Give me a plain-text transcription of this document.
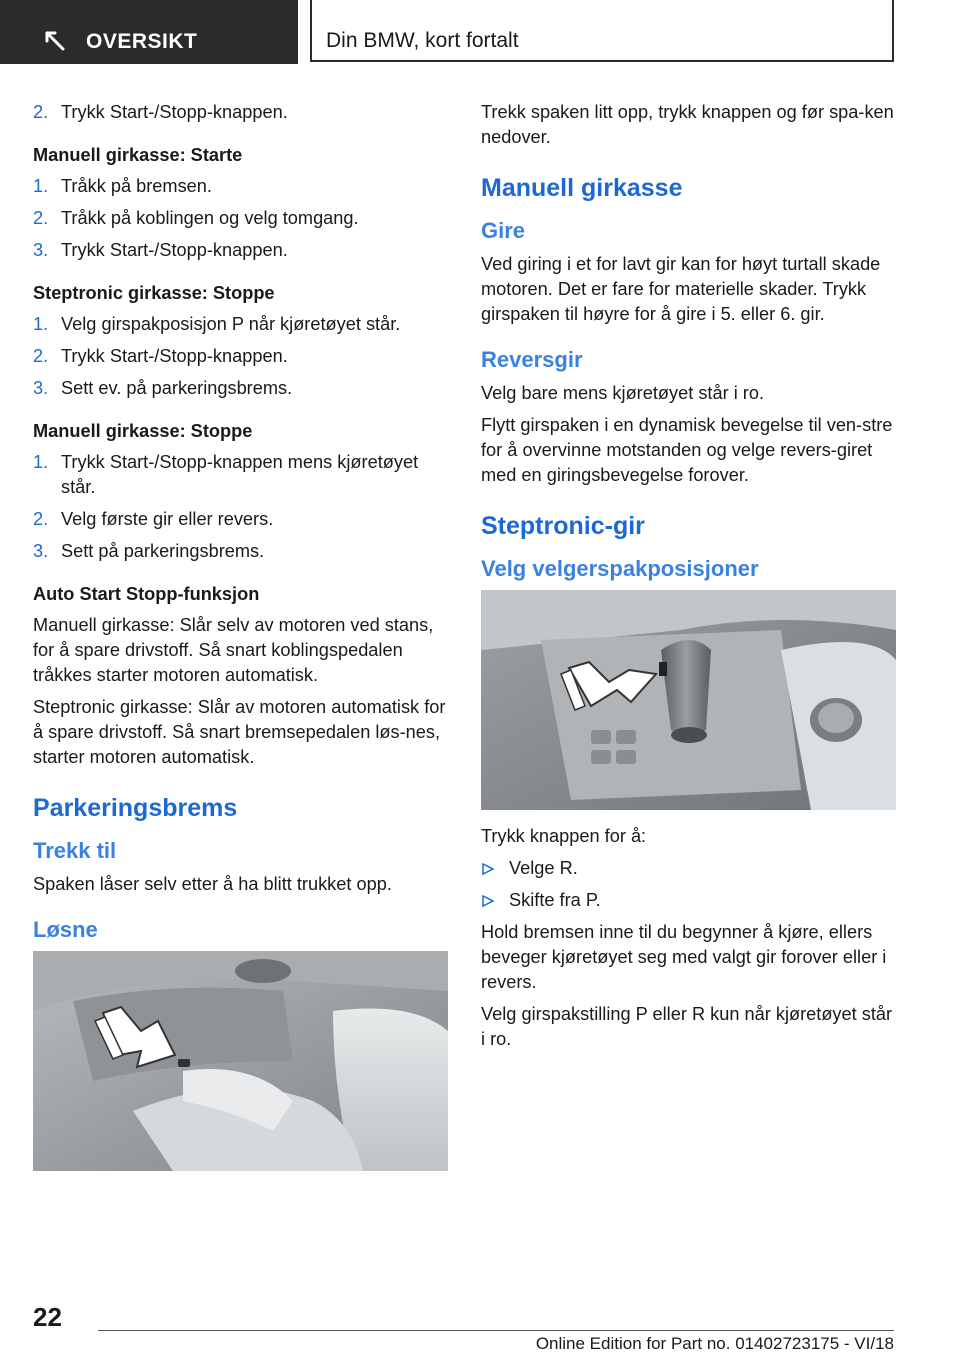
OVERSIKT	Din BMW, kort fortalt
2. Trykk Start-/Stopp-knappen.
Manuell girkasse: Starte
1. Tråkk på bremsen.
2. Tråkk på koblingen og velg tomgang.
3. Trykk Start-/Stopp-knappen.
Steptronic girkasse: Stoppe
1. Velg girspakposisjon P når kjøretøyet står.
2. Trykk Start-/Stopp-knappen.
3. Sett ev. på parkeringsbrems.
Manuell girkasse: Stoppe
1. Trykk Start-/Stopp-knappen mens kjøretøyet står.
2. Velg første gir eller revers.
3. Sett på parkeringsbrems.
Auto Start Stopp-funksjon

Manuell girkasse: Slår selv av motoren ved stans, for å spare drivstoff. Så snart koblingspedalen tråkkes starter motoren automatisk.

Steptronic girkasse: Slår av motoren automatisk for å spare drivstoff. Så snart bremsepedalen løs-nes, starter motoren automatisk.

Parkeringsbrems
Trekk til

Spaken låser selv etter å ha blitt trukket opp.

Løsne

Trekk spaken litt opp, trykk knappen og før spa-ken nedover.

Manuell girkasse
Gire

Ved giring i et for lavt gir kan for høyt turtall skade motoren. Det er fare for materielle skader. Trykk girspaken til høyre for å gire i 5. eller 6. gir.

Reversgir

Velg bare mens kjøretøyet står i ro.

Flytt girspaken i en dynamisk bevegelse til ven-stre for å overvinne motstanden og velge revers-giret med en giringsbevegelse forover.

Steptronic-gir
Velg velgerspakposisjoner

Trykk knappen for å:

Velge R.
Skifte fra P.

Hold bremsen inne til du begynner å kjøre, ellers beveger kjøretøyet seg med valgt gir forover eller i revers.

Velg girspakstilling P eller R kun når kjøretøyet står i ro.

22
Online Edition for Part no. 01402723175 - VI/18
